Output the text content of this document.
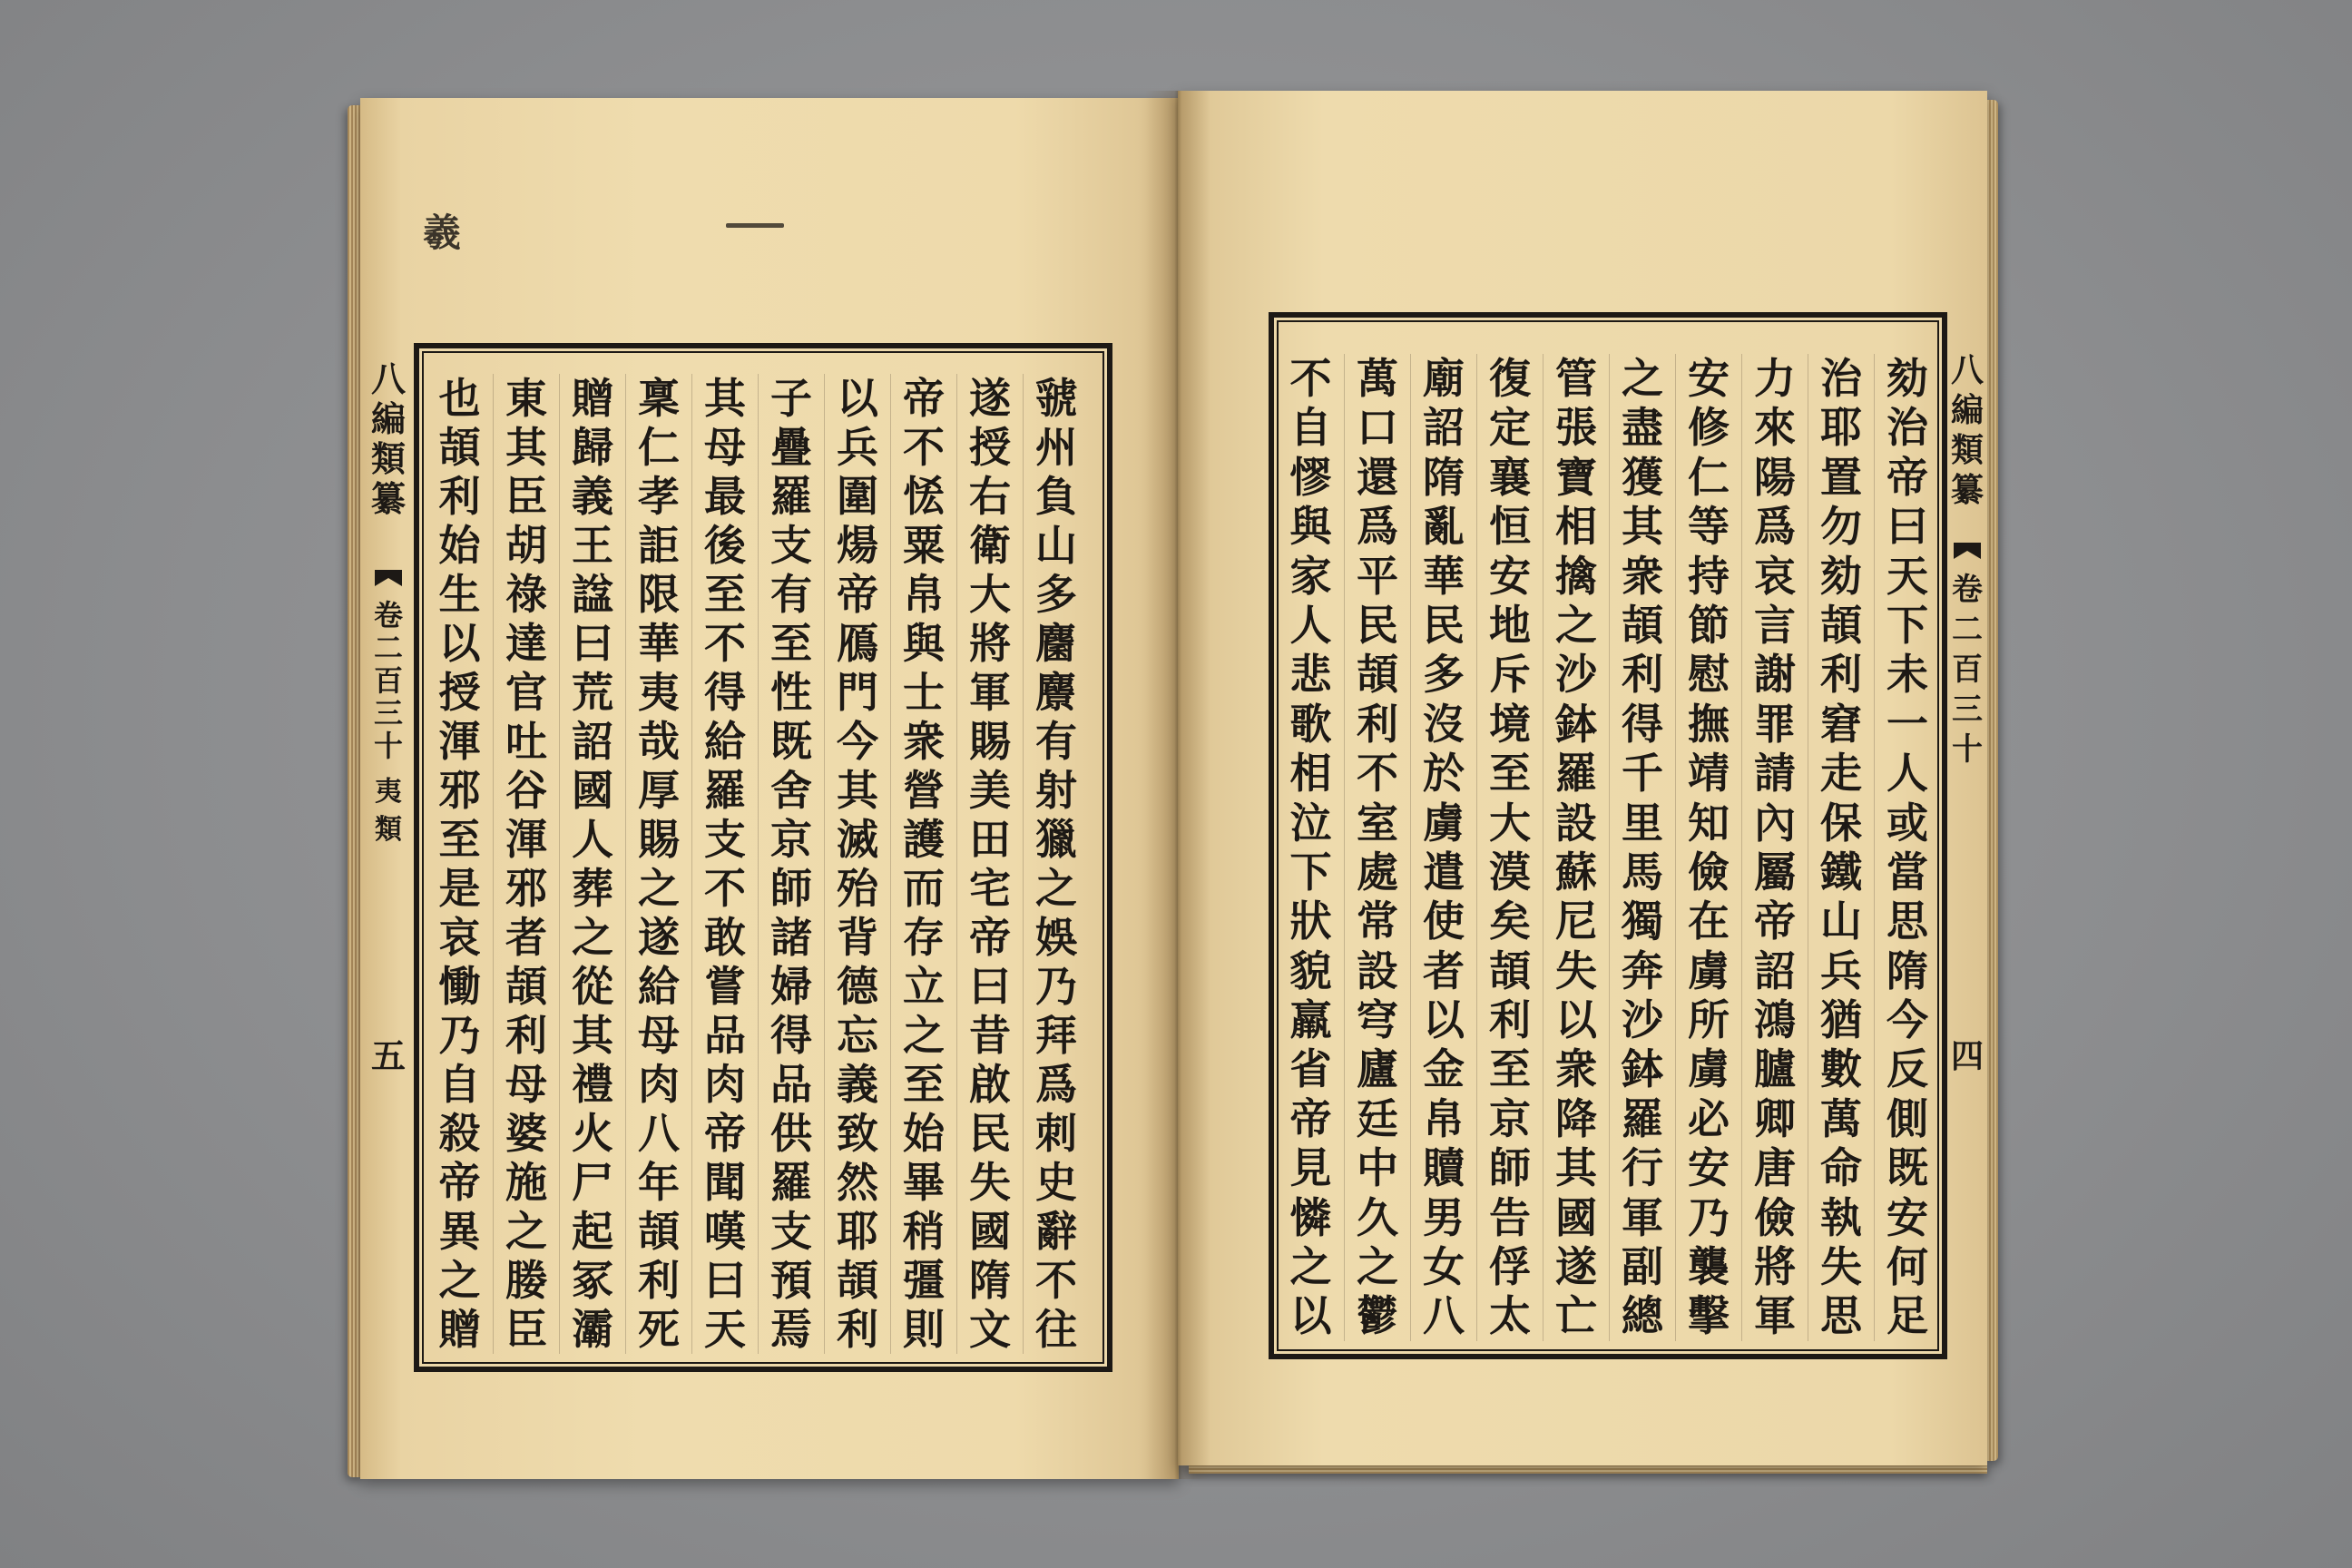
羲
八
編
類
纂
卷
二
百
三
十
夷
類
五
八
編
類
纂
卷
二
百
三
十
四
虢
州
負
山
多
麕
麖
有
射
獵
之
娛
乃
拜
爲
刺
史
辭
不
往
遂
授
右
衛
大
將
軍
賜
美
田
宅
帝
曰
昔
啟
民
失
國
隋
文
帝
不
恡
粟
帛
與
士
衆
營
護
而
存
立
之
至
始
畢
稍
彊
則
以
兵
圍
煬
帝
鴈
門
今
其
滅
殆
背
德
忘
義
致
然
耶
頡
利
子
疊
羅
支
有
至
性
既
舍
京
師
諸
婦
得
品
供
羅
支
預
焉
其
母
最
後
至
不
得
給
羅
支
不
敢
嘗
品
肉
帝
聞
嘆
曰
天
稟
仁
孝
詎
限
華
夷
哉
厚
賜
之
遂
給
母
肉
八
年
頡
利
死
贈
歸
義
王
諡
曰
荒
詔
國
人
葬
之
從
其
禮
火
尸
起
冢
灞
東
其
臣
胡
祿
達
官
吐
谷
渾
邪
者
頡
利
母
婆
施
之
媵
臣
也
頡
利
始
生
以
授
渾
邪
至
是
哀
慟
乃
自
殺
帝
異
之
贈
劾
治
帝
曰
天
下
未
一
人
或
當
思
隋
今
反
側
既
安
何
足
治
耶
置
勿
劾
頡
利
窘
走
保
鐵
山
兵
猶
數
萬
命
執
失
思
力
來
陽
爲
哀
言
謝
罪
請
內
屬
帝
詔
鴻
臚
卿
唐
儉
將
軍
安
修
仁
等
持
節
慰
撫
靖
知
儉
在
虜
所
虜
必
安
乃
襲
擊
之
盡
獲
其
衆
頡
利
得
千
里
馬
獨
奔
沙
鉢
羅
行
軍
副
總
管
張
寶
相
擒
之
沙
鉢
羅
設
蘇
尼
失
以
衆
降
其
國
遂
亡
復
定
襄
恒
安
地
斥
境
至
大
漠
矣
頡
利
至
京
師
告
俘
太
廟
詔
隋
亂
華
民
多
沒
於
虜
遣
使
者
以
金
帛
贖
男
女
八
萬
口
還
爲
平
民
頡
利
不
室
處
常
設
穹
廬
廷
中
久
之
鬱
不
自
憀
與
家
人
悲
歌
相
泣
下
狀
貌
羸
省
帝
見
憐
之
以
